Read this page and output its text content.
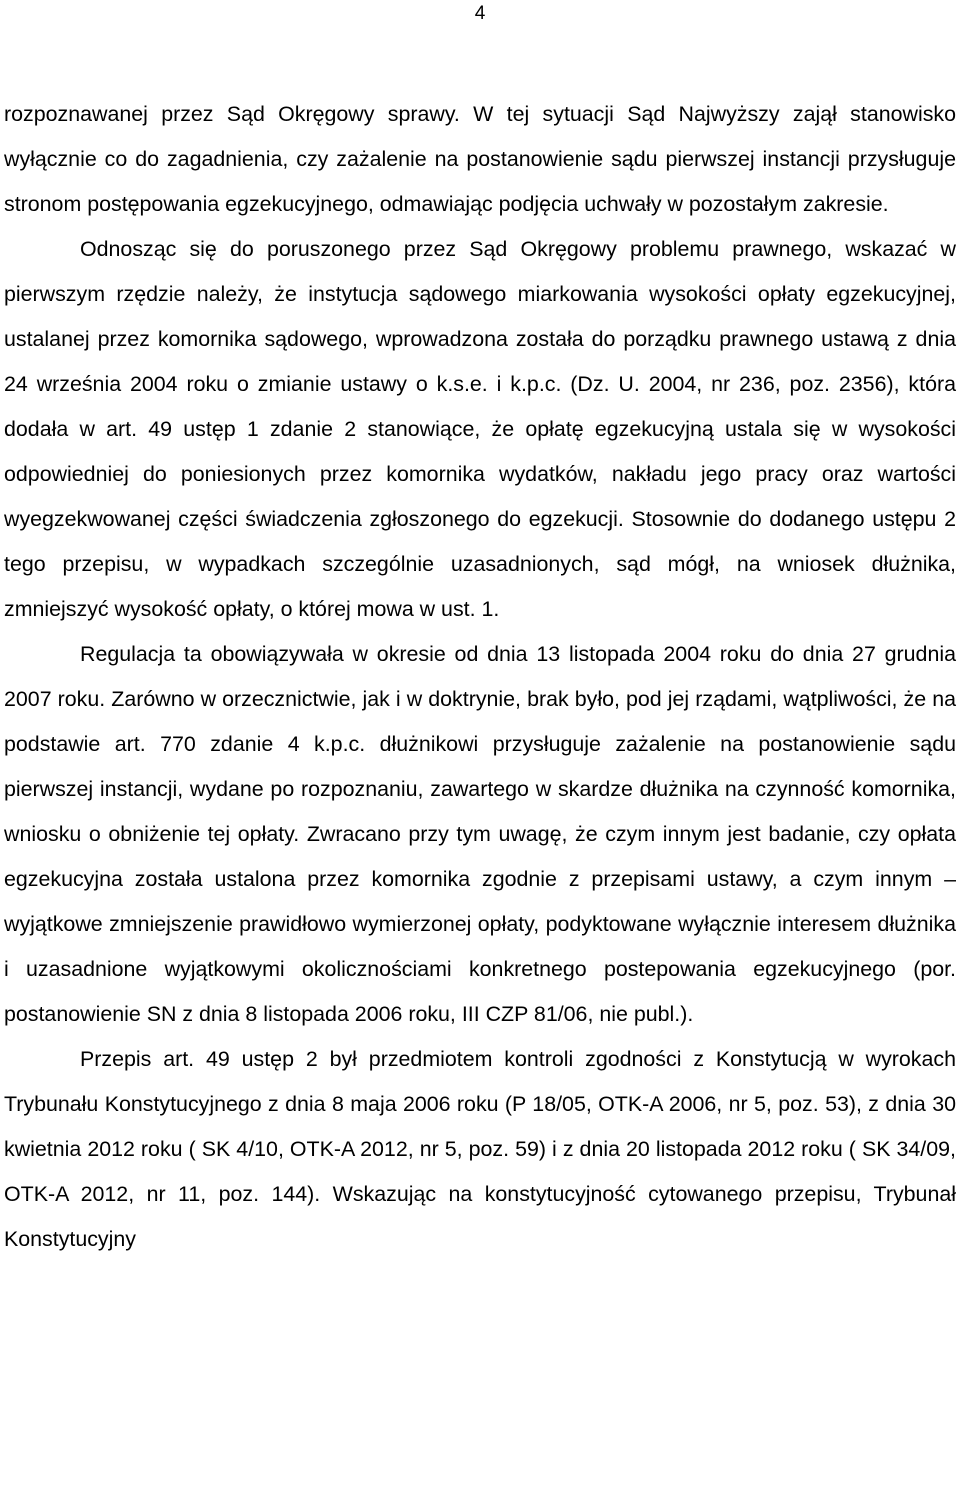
4

rozpoznawanej przez Sąd Okręgowy sprawy. W tej sytuacji Sąd Najwyższy zajął stanowisko wyłącznie co do zagadnienia, czy zażalenie na postanowienie sądu pierwszej instancji przysługuje stronom postępowania egzekucyjnego, odmawiając podjęcia uchwały w pozostałym zakresie.

Odnosząc się do poruszonego przez Sąd Okręgowy problemu prawnego, wskazać w pierwszym rzędzie należy, że instytucja sądowego miarkowania wysokości opłaty egzekucyjnej, ustalanej przez komornika sądowego, wprowadzona została do porządku prawnego ustawą z dnia 24 września 2004 roku o zmianie ustawy o k.s.e. i k.p.c. (Dz. U. 2004, nr 236, poz. 2356), która dodała w art. 49 ustęp 1 zdanie 2 stanowiące, że opłatę egzekucyjną ustala się w wysokości odpowiedniej do poniesionych przez komornika wydatków, nakładu jego pracy oraz wartości wyegzekwowanej części świadczenia zgłoszonego do egzekucji. Stosownie do dodanego ustępu 2 tego przepisu, w wypadkach szczególnie uzasadnionych, sąd mógł, na wniosek dłużnika, zmniejszyć wysokość opłaty, o której mowa w ust. 1.

Regulacja ta obowiązywała w okresie od dnia 13 listopada 2004 roku do dnia 27 grudnia 2007 roku. Zarówno w orzecznictwie, jak i w doktrynie, brak było, pod jej rządami, wątpliwości, że na podstawie art. 770 zdanie 4 k.p.c. dłużnikowi przysługuje zażalenie na postanowienie sądu pierwszej instancji, wydane po rozpoznaniu, zawartego w skardze dłużnika na czynność komornika, wniosku o obniżenie tej opłaty. Zwracano przy tym uwagę, że czym innym jest badanie, czy opłata egzekucyjna została ustalona przez komornika zgodnie z przepisami ustawy, a czym innym – wyjątkowe zmniejszenie prawidłowo wymierzonej opłaty, podyktowane wyłącznie interesem dłużnika i uzasadnione wyjątkowymi okolicznościami konkretnego postepowania egzekucyjnego (por. postanowienie SN z dnia 8 listopada 2006 roku, III CZP 81/06, nie publ.).

Przepis art. 49 ustęp 2 był przedmiotem kontroli zgodności z Konstytucją w wyrokach Trybunału Konstytucyjnego z dnia 8 maja 2006 roku (P 18/05, OTK-A 2006, nr 5, poz. 53), z dnia 30 kwietnia 2012 roku ( SK 4/10, OTK-A 2012, nr 5, poz. 59) i z dnia 20 listopada 2012 roku ( SK 34/09, OTK-A 2012, nr 11, poz. 144). Wskazując na konstytucyjność cytowanego przepisu, Trybunał Konstytucyjny
